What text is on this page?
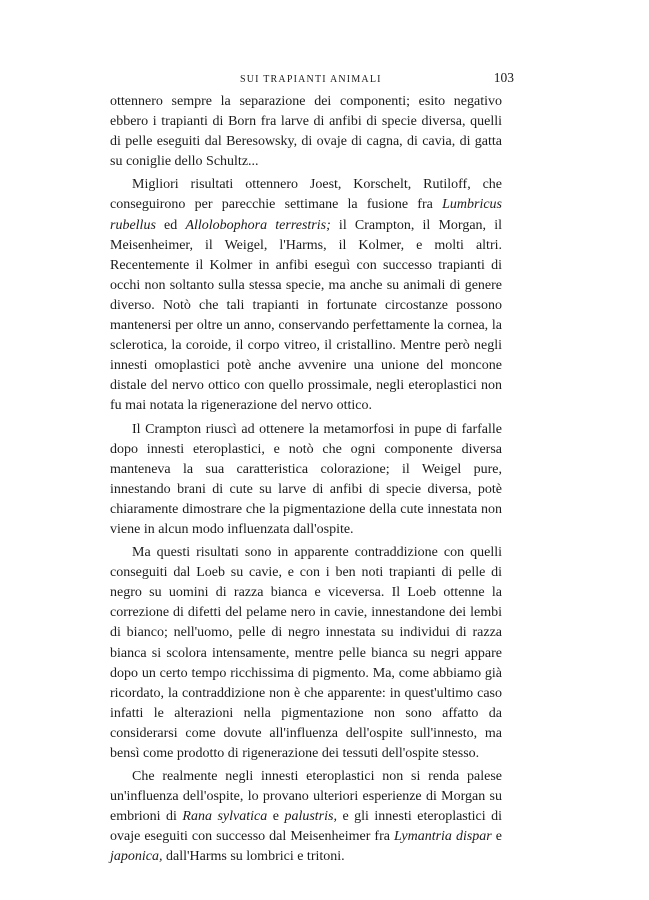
SUI TRAPIANTI ANIMALI	103

ottennero sempre la separazione dei componenti; esito negativo ebbero i trapianti di Born fra larve di anfibi di specie diversa, quelli di pelle eseguiti dal Beresowsky, di ovaje di cagna, di cavia, di gatta su coniglie dello Schultz...

Migliori risultati ottennero Joest, Korschelt, Rutiloff, che conseguirono per parecchie settimane la fusione fra Lumbricus rubellus ed Allolobophora terrestris; il Crampton, il Morgan, il Meisenheimer, il Weigel, l'Harms, il Kolmer, e molti altri. Recentemente il Kolmer in anfibi eseguì con successo trapianti di occhi non soltanto sulla stessa specie, ma anche su animali di genere diverso. Notò che tali trapianti in fortunate circostanze possono mantenersi per oltre un anno, conservando perfettamente la cornea, la sclerotica, la coroide, il corpo vitreo, il cristallino. Mentre però negli innesti omoplastici potè anche avvenire una unione del moncone distale del nervo ottico con quello prossimale, negli eteroplastici non fu mai notata la rigenerazione del nervo ottico.

Il Crampton riuscì ad ottenere la metamorfosi in pupe di farfalle dopo innesti eteroplastici, e notò che ogni componente diversa manteneva la sua caratteristica colorazione; il Weigel pure, innestando brani di cute su larve di anfibi di specie diversa, potè chiaramente dimostrare che la pigmentazione della cute innestata non viene in alcun modo influenzata dall'ospite.

Ma questi risultati sono in apparente contraddizione con quelli conseguiti dal Loeb su cavie, e con i ben noti trapianti di pelle di negro su uomini di razza bianca e viceversa. Il Loeb ottenne la correzione di difetti del pelame nero in cavie, innestandone dei lembi di bianco; nell'uomo, pelle di negro innestata su individui di razza bianca si scolora intensamente, mentre pelle bianca su negri appare dopo un certo tempo ricchissima di pigmento. Ma, come abbiamo già ricordato, la contraddizione non è che apparente: in quest'ultimo caso infatti le alterazioni nella pigmentazione non sono affatto da considerarsi come dovute all'influenza dell'ospite sull'innesto, ma bensì come prodotto di rigenerazione dei tessuti dell'ospite stesso.

Che realmente negli innesti eteroplastici non si renda palese un'influenza dell'ospite, lo provano ulteriori esperienze di Morgan su embrioni di Rana sylvatica e palustris, e gli innesti eteroplastici di ovaje eseguiti con successo dal Meisenheimer fra Lymantria dispar e japonica, dall'Harms su lombrici e tritoni.
